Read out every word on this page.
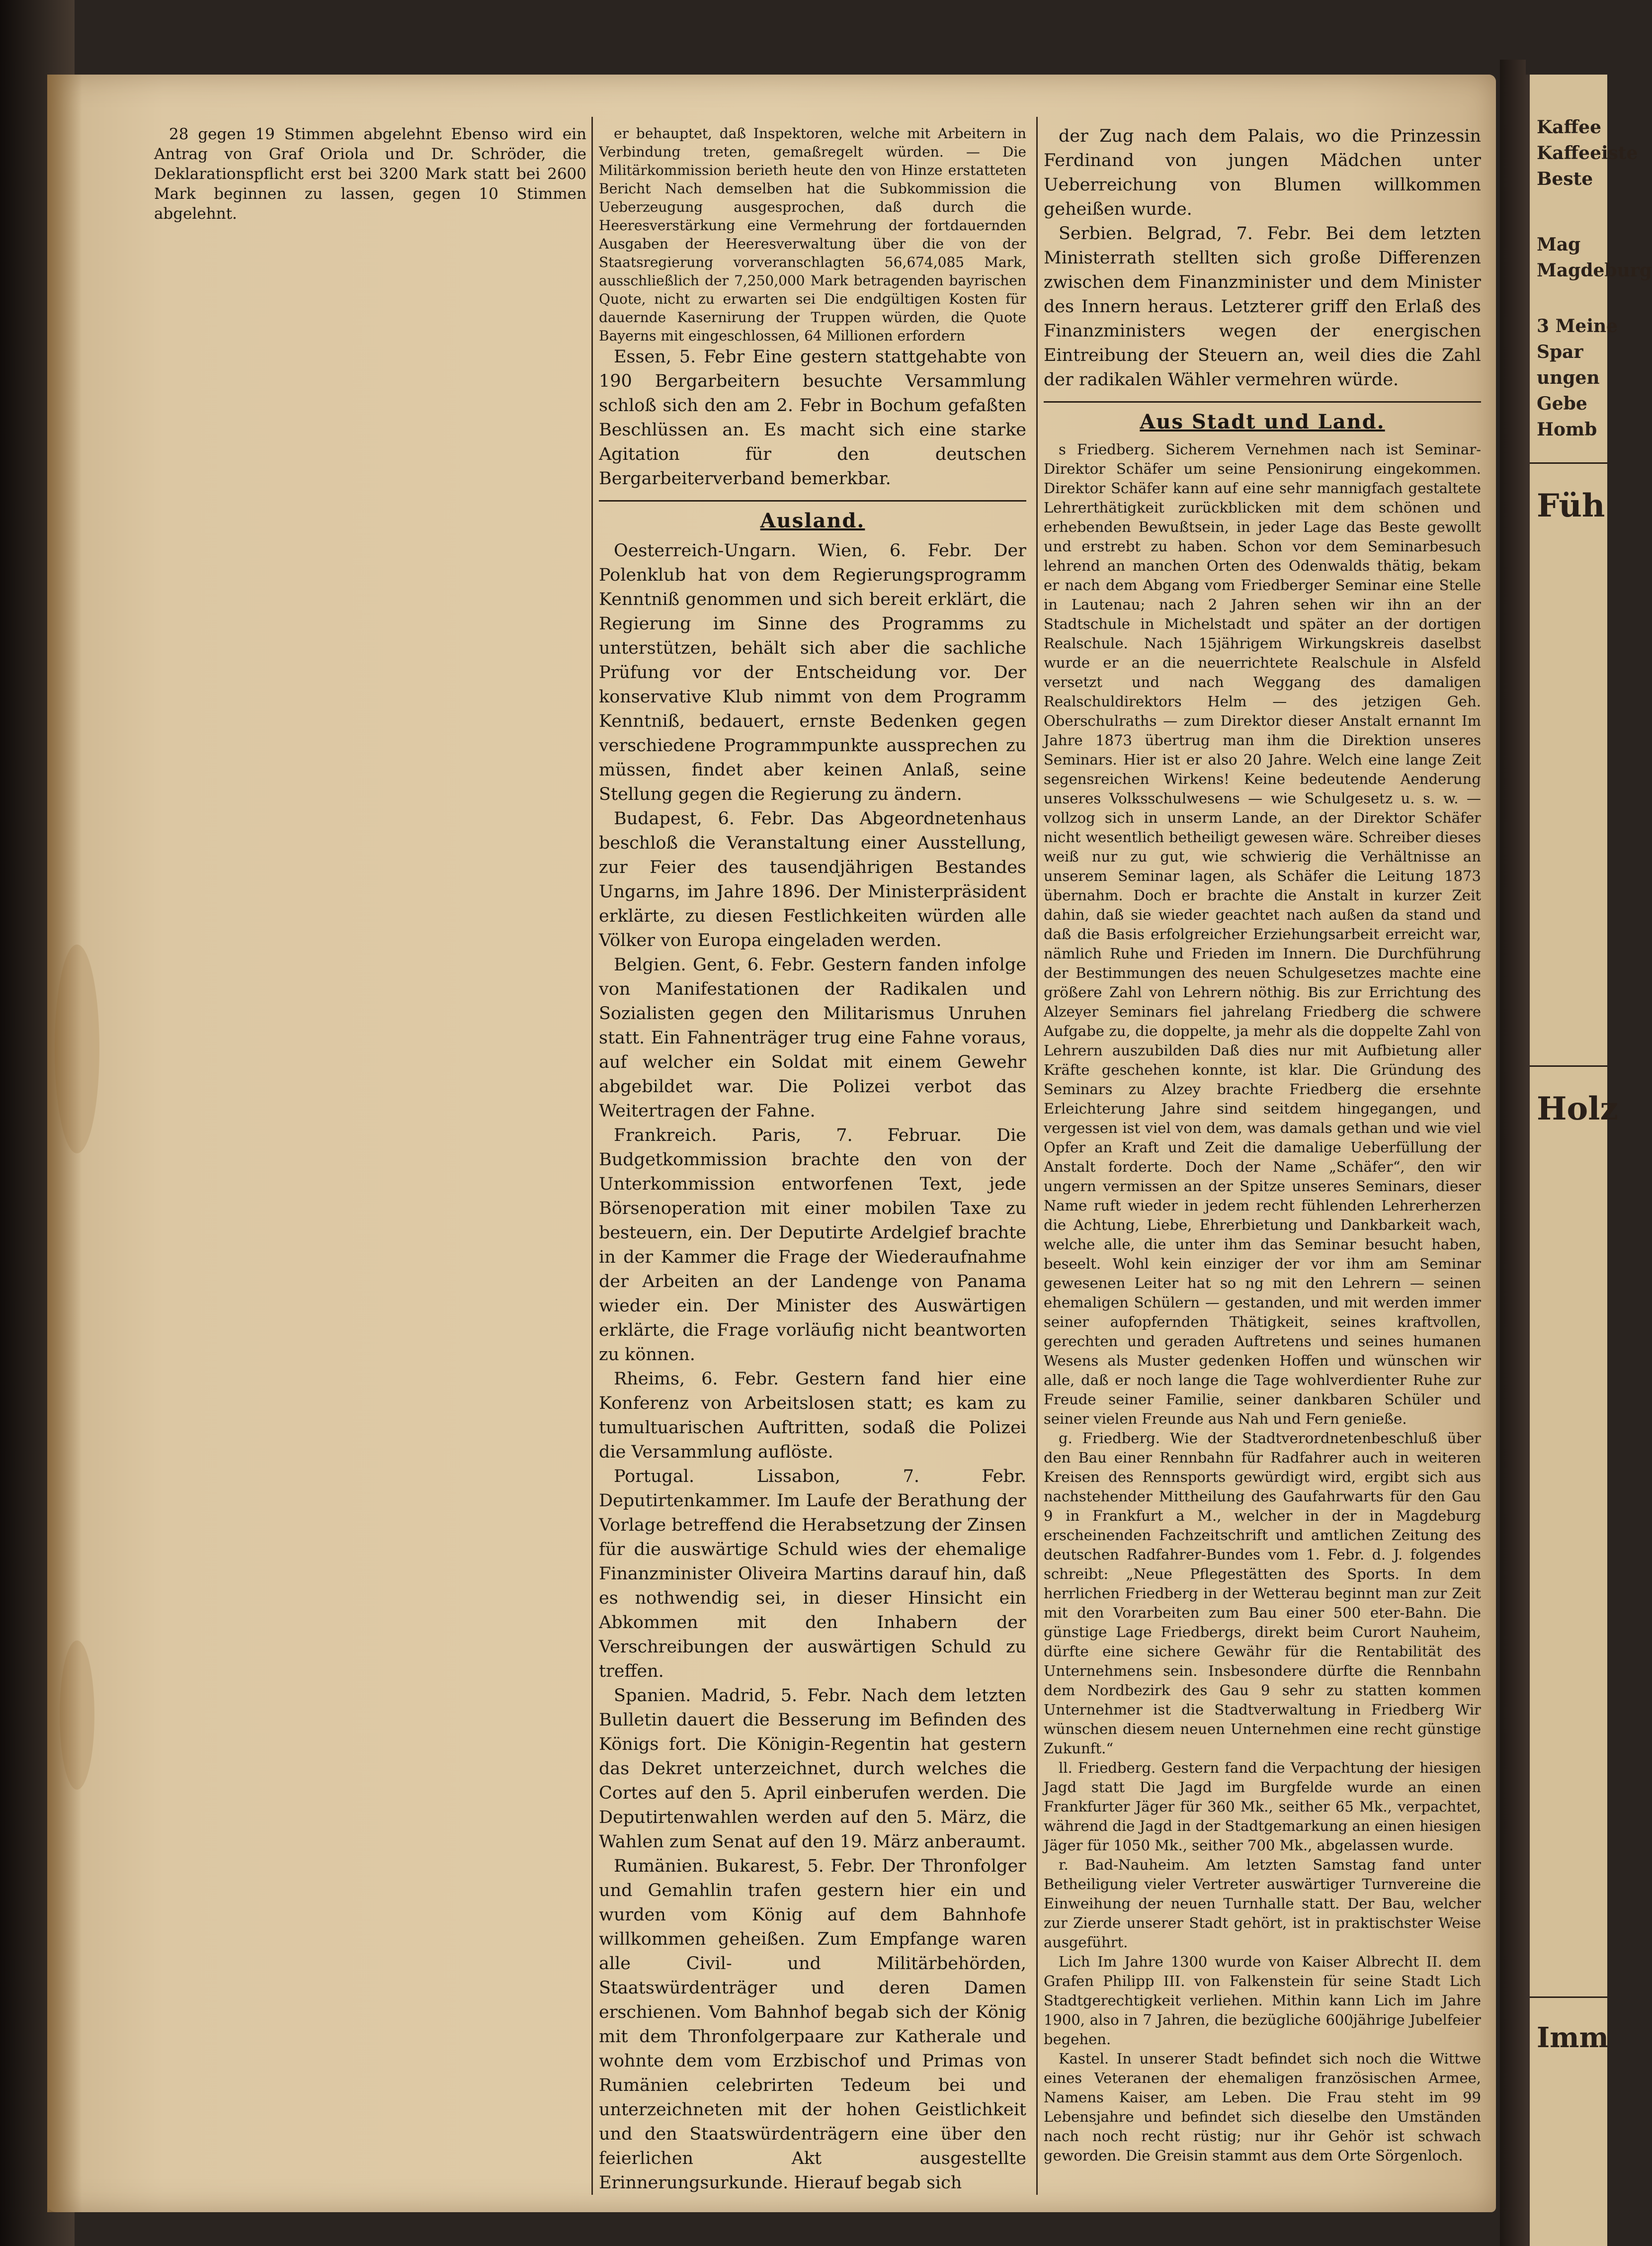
28 gegen 19 Stimmen abgelehnt Ebenso wird ein Antrag von Graf Oriola und Dr. Schröder, die Deklarationspflicht erst bei 3200 Mark statt bei 2600 Mark beginnen zu lassen, gegen 10 Stimmen abgelehnt.

er behauptet, daß Inspektoren, welche mit Arbeitern in Verbindung treten, gemaßregelt würden. — Die Militärkommission berieth heute den von Hinze erstatteten Bericht Nach demselben hat die Subkommission die Ueberzeugung ausgesprochen, daß durch die Heeresverstärkung eine Vermehrung der fortdauernden Ausgaben der Heeresverwaltung über die von der Staatsregierung vorveranschlagten 56,674,085 Mark, ausschließlich der 7,250,000 Mark betragenden bayrischen Quote, nicht zu erwarten sei Die endgültigen Kosten für dauernde Kasernirung der Truppen würden, die Quote Bayerns mit eingeschlossen, 64 Millionen erfordern

Essen, 5. Febr Eine gestern stattgehabte von 190 Bergarbeitern besuchte Versammlung schloß sich den am 2. Febr in Bochum gefaßten Beschlüssen an. Es macht sich eine starke Agitation für den deutschen Bergarbeiterverband bemerkbar.

Ausland.

Oesterreich-Ungarn. Wien, 6. Febr. Der Polenklub hat von dem Regierungsprogramm Kenntniß genommen und sich bereit erklärt, die Regierung im Sinne des Programms zu unterstützen, behält sich aber die sachliche Prüfung vor der Entscheidung vor. Der konservative Klub nimmt von dem Programm Kenntniß, bedauert, ernste Bedenken gegen verschiedene Programmpunkte aussprechen zu müssen, findet aber keinen Anlaß, seine Stellung gegen die Regierung zu ändern.

Budapest, 6. Febr. Das Abgeordnetenhaus beschloß die Veranstaltung einer Ausstellung, zur Feier des tausendjährigen Bestandes Ungarns, im Jahre 1896. Der Ministerpräsident erklärte, zu diesen Festlichkeiten würden alle Völker von Europa eingeladen werden.

Belgien. Gent, 6. Febr. Gestern fanden infolge von Manifestationen der Radikalen und Sozialisten gegen den Militarismus Unruhen statt. Ein Fahnenträger trug eine Fahne voraus, auf welcher ein Soldat mit einem Gewehr abgebildet war. Die Polizei verbot das Weitertragen der Fahne.

Frankreich. Paris, 7. Februar. Die Budgetkommission brachte den von der Unterkommission entworfenen Text, jede Börsenoperation mit einer mobilen Taxe zu besteuern, ein. Der Deputirte Ardelgief brachte in der Kammer die Frage der Wiederaufnahme der Arbeiten an der Landenge von Panama wieder ein. Der Minister des Auswärtigen erklärte, die Frage vorläufig nicht beantworten zu können.

Rheims, 6. Febr. Gestern fand hier eine Konferenz von Arbeitslosen statt; es kam zu tumultuarischen Auftritten, sodaß die Polizei die Versammlung auflöste.

Portugal. Lissabon, 7. Febr. Deputirtenkammer. Im Laufe der Berathung der Vorlage betreffend die Herabsetzung der Zinsen für die auswärtige Schuld wies der ehemalige Finanzminister Oliveira Martins darauf hin, daß es nothwendig sei, in dieser Hinsicht ein Abkommen mit den Inhabern der Verschreibungen der auswärtigen Schuld zu treffen.

Spanien. Madrid, 5. Febr. Nach dem letzten Bulletin dauert die Besserung im Befinden des Königs fort. Die Königin-Regentin hat gestern das Dekret unterzeichnet, durch welches die Cortes auf den 5. April einberufen werden. Die Deputirtenwahlen werden auf den 5. März, die Wahlen zum Senat auf den 19. März anberaumt.

Rumänien. Bukarest, 5. Febr. Der Thronfolger und Gemahlin trafen gestern hier ein und wurden vom König auf dem Bahnhofe willkommen geheißen. Zum Empfange waren alle Civil- und Militärbehörden, Staatswürdenträger und deren Damen erschienen. Vom Bahnhof begab sich der König mit dem Thronfolgerpaare zur Katherale und wohnte dem vom Erzbischof und Primas von Rumänien celebrirten Tedeum bei und unterzeichneten mit der hohen Geistlichkeit und den Staatswürdenträgern eine über den feierlichen Akt ausgestellte Erinnerungsurkunde. Hierauf begab sich

der Zug nach dem Palais, wo die Prinzessin Ferdinand von jungen Mädchen unter Ueberreichung von Blumen willkommen geheißen wurde.

Serbien. Belgrad, 7. Febr. Bei dem letzten Ministerrath stellten sich große Differenzen zwischen dem Finanzminister und dem Minister des Innern heraus. Letzterer griff den Erlaß des Finanzministers wegen der energischen Eintreibung der Steuern an, weil dies die Zahl der radikalen Wähler vermehren würde.

Aus Stadt und Land.

s Friedberg. Sicherem Vernehmen nach ist Seminar-Direktor Schäfer um seine Pensionirung eingekommen. Direktor Schäfer kann auf eine sehr mannigfach gestaltete Lehrerthätigkeit zurückblicken mit dem schönen und erhebenden Bewußtsein, in jeder Lage das Beste gewollt und erstrebt zu haben. Schon vor dem Seminarbesuch lehrend an manchen Orten des Odenwalds thätig, bekam er nach dem Abgang vom Friedberger Seminar eine Stelle in Lautenau; nach 2 Jahren sehen wir ihn an der Stadtschule in Michelstadt und später an der dortigen Realschule. Nach 15jährigem Wirkungskreis daselbst wurde er an die neuerrichtete Realschule in Alsfeld versetzt und nach Weggang des damaligen Realschuldirektors Helm — des jetzigen Geh. Oberschulraths — zum Direktor dieser Anstalt ernannt Im Jahre 1873 übertrug man ihm die Direktion unseres Seminars. Hier ist er also 20 Jahre. Welch eine lange Zeit segensreichen Wirkens! Keine bedeutende Aenderung unseres Volksschulwesens — wie Schulgesetz u. s. w. — vollzog sich in unserm Lande, an der Direktor Schäfer nicht wesentlich betheiligt gewesen wäre. Schreiber dieses weiß nur zu gut, wie schwierig die Verhältnisse an unserem Seminar lagen, als Schäfer die Leitung 1873 übernahm. Doch er brachte die Anstalt in kurzer Zeit dahin, daß sie wieder geachtet nach außen da stand und daß die Basis erfolgreicher Erziehungsarbeit erreicht war, nämlich Ruhe und Frieden im Innern. Die Durchführung der Bestimmungen des neuen Schulgesetzes machte eine größere Zahl von Lehrern nöthig. Bis zur Errichtung des Alzeyer Seminars fiel jahrelang Friedberg die schwere Aufgabe zu, die doppelte, ja mehr als die doppelte Zahl von Lehrern auszubilden Daß dies nur mit Aufbietung aller Kräfte geschehen konnte, ist klar. Die Gründung des Seminars zu Alzey brachte Friedberg die ersehnte Erleichterung Jahre sind seitdem hingegangen, und vergessen ist viel von dem, was damals gethan und wie viel Opfer an Kraft und Zeit die damalige Ueberfüllung der Anstalt forderte. Doch der Name „Schäfer“, den wir ungern vermissen an der Spitze unseres Seminars, dieser Name ruft wieder in jedem recht fühlenden Lehrerherzen die Achtung, Liebe, Ehrerbietung und Dankbarkeit wach, welche alle, die unter ihm das Seminar besucht haben, beseelt. Wohl kein einziger der vor ihm am Seminar gewesenen Leiter hat so ng mit den Lehrern — seinen ehemaligen Schülern — gestanden, und mit werden immer seiner aufopfernden Thätigkeit, seines kraftvollen, gerechten und geraden Auftretens und seines humanen Wesens als Muster gedenken Hoffen und wünschen wir alle, daß er noch lange die Tage wohlverdienter Ruhe zur Freude seiner Familie, seiner dankbaren Schüler und seiner vielen Freunde aus Nah und Fern genieße.

g. Friedberg. Wie der Stadtverordnetenbeschluß über den Bau einer Rennbahn für Radfahrer auch in weiteren Kreisen des Rennsports gewürdigt wird, ergibt sich aus nachstehender Mittheilung des Gaufahrwarts für den Gau 9 in Frankfurt a M., welcher in der in Magdeburg erscheinenden Fachzeitschrift und amtlichen Zeitung des deutschen Radfahrer-Bundes vom 1. Febr. d. J. folgendes schreibt: „Neue Pflegestätten des Sports. In dem herrlichen Friedberg in der Wetterau beginnt man zur Zeit mit den Vorarbeiten zum Bau einer 500 eter-Bahn. Die günstige Lage Friedbergs, direkt beim Curort Nauheim, dürfte eine sichere Gewähr für die Rentabilität des Unternehmens sein. Insbesondere dürfte die Rennbahn dem Nordbezirk des Gau 9 sehr zu statten kommen Unternehmer ist die Stadtverwaltung in Friedberg Wir wünschen diesem neuen Unternehmen eine recht günstige Zukunft.“

ll. Friedberg. Gestern fand die Verpachtung der hiesigen Jagd statt Die Jagd im Burgfelde wurde an einen Frankfurter Jäger für 360 Mk., seither 65 Mk., verpachtet, während die Jagd in der Stadtgemarkung an einen hiesigen Jäger für 1050 Mk., seither 700 Mk., abgelassen wurde.

r. Bad-Nauheim. Am letzten Samstag fand unter Betheiligung vieler Vertreter auswärtiger Turnvereine die Einweihung der neuen Turnhalle statt. Der Bau, welcher zur Zierde unserer Stadt gehört, ist in praktischster Weise ausgeführt.

Lich Im Jahre 1300 wurde von Kaiser Albrecht II. dem Grafen Philipp III. von Falkenstein für seine Stadt Lich Stadtgerechtigkeit verliehen. Mithin kann Lich im Jahre 1900, also in 7 Jahren, die bezügliche 600jährige Jubelfeier begehen.

Kastel. In unserer Stadt befindet sich noch die Wittwe eines Veteranen der ehemaligen französischen Armee, Namens Kaiser, am Leben. Die Frau steht im 99 Lebensjahre und befindet sich dieselbe den Umständen nach noch recht rüstig; nur ihr Gehör ist schwach geworden. Die Greisin stammt aus dem Orte Sörgenloch.

Kaffee
Kaffeeiste
Beste
Mag
Magdeburg
3 Meine
Spar
ungen
Gebe
Homb
Füh
Holz
Imm
